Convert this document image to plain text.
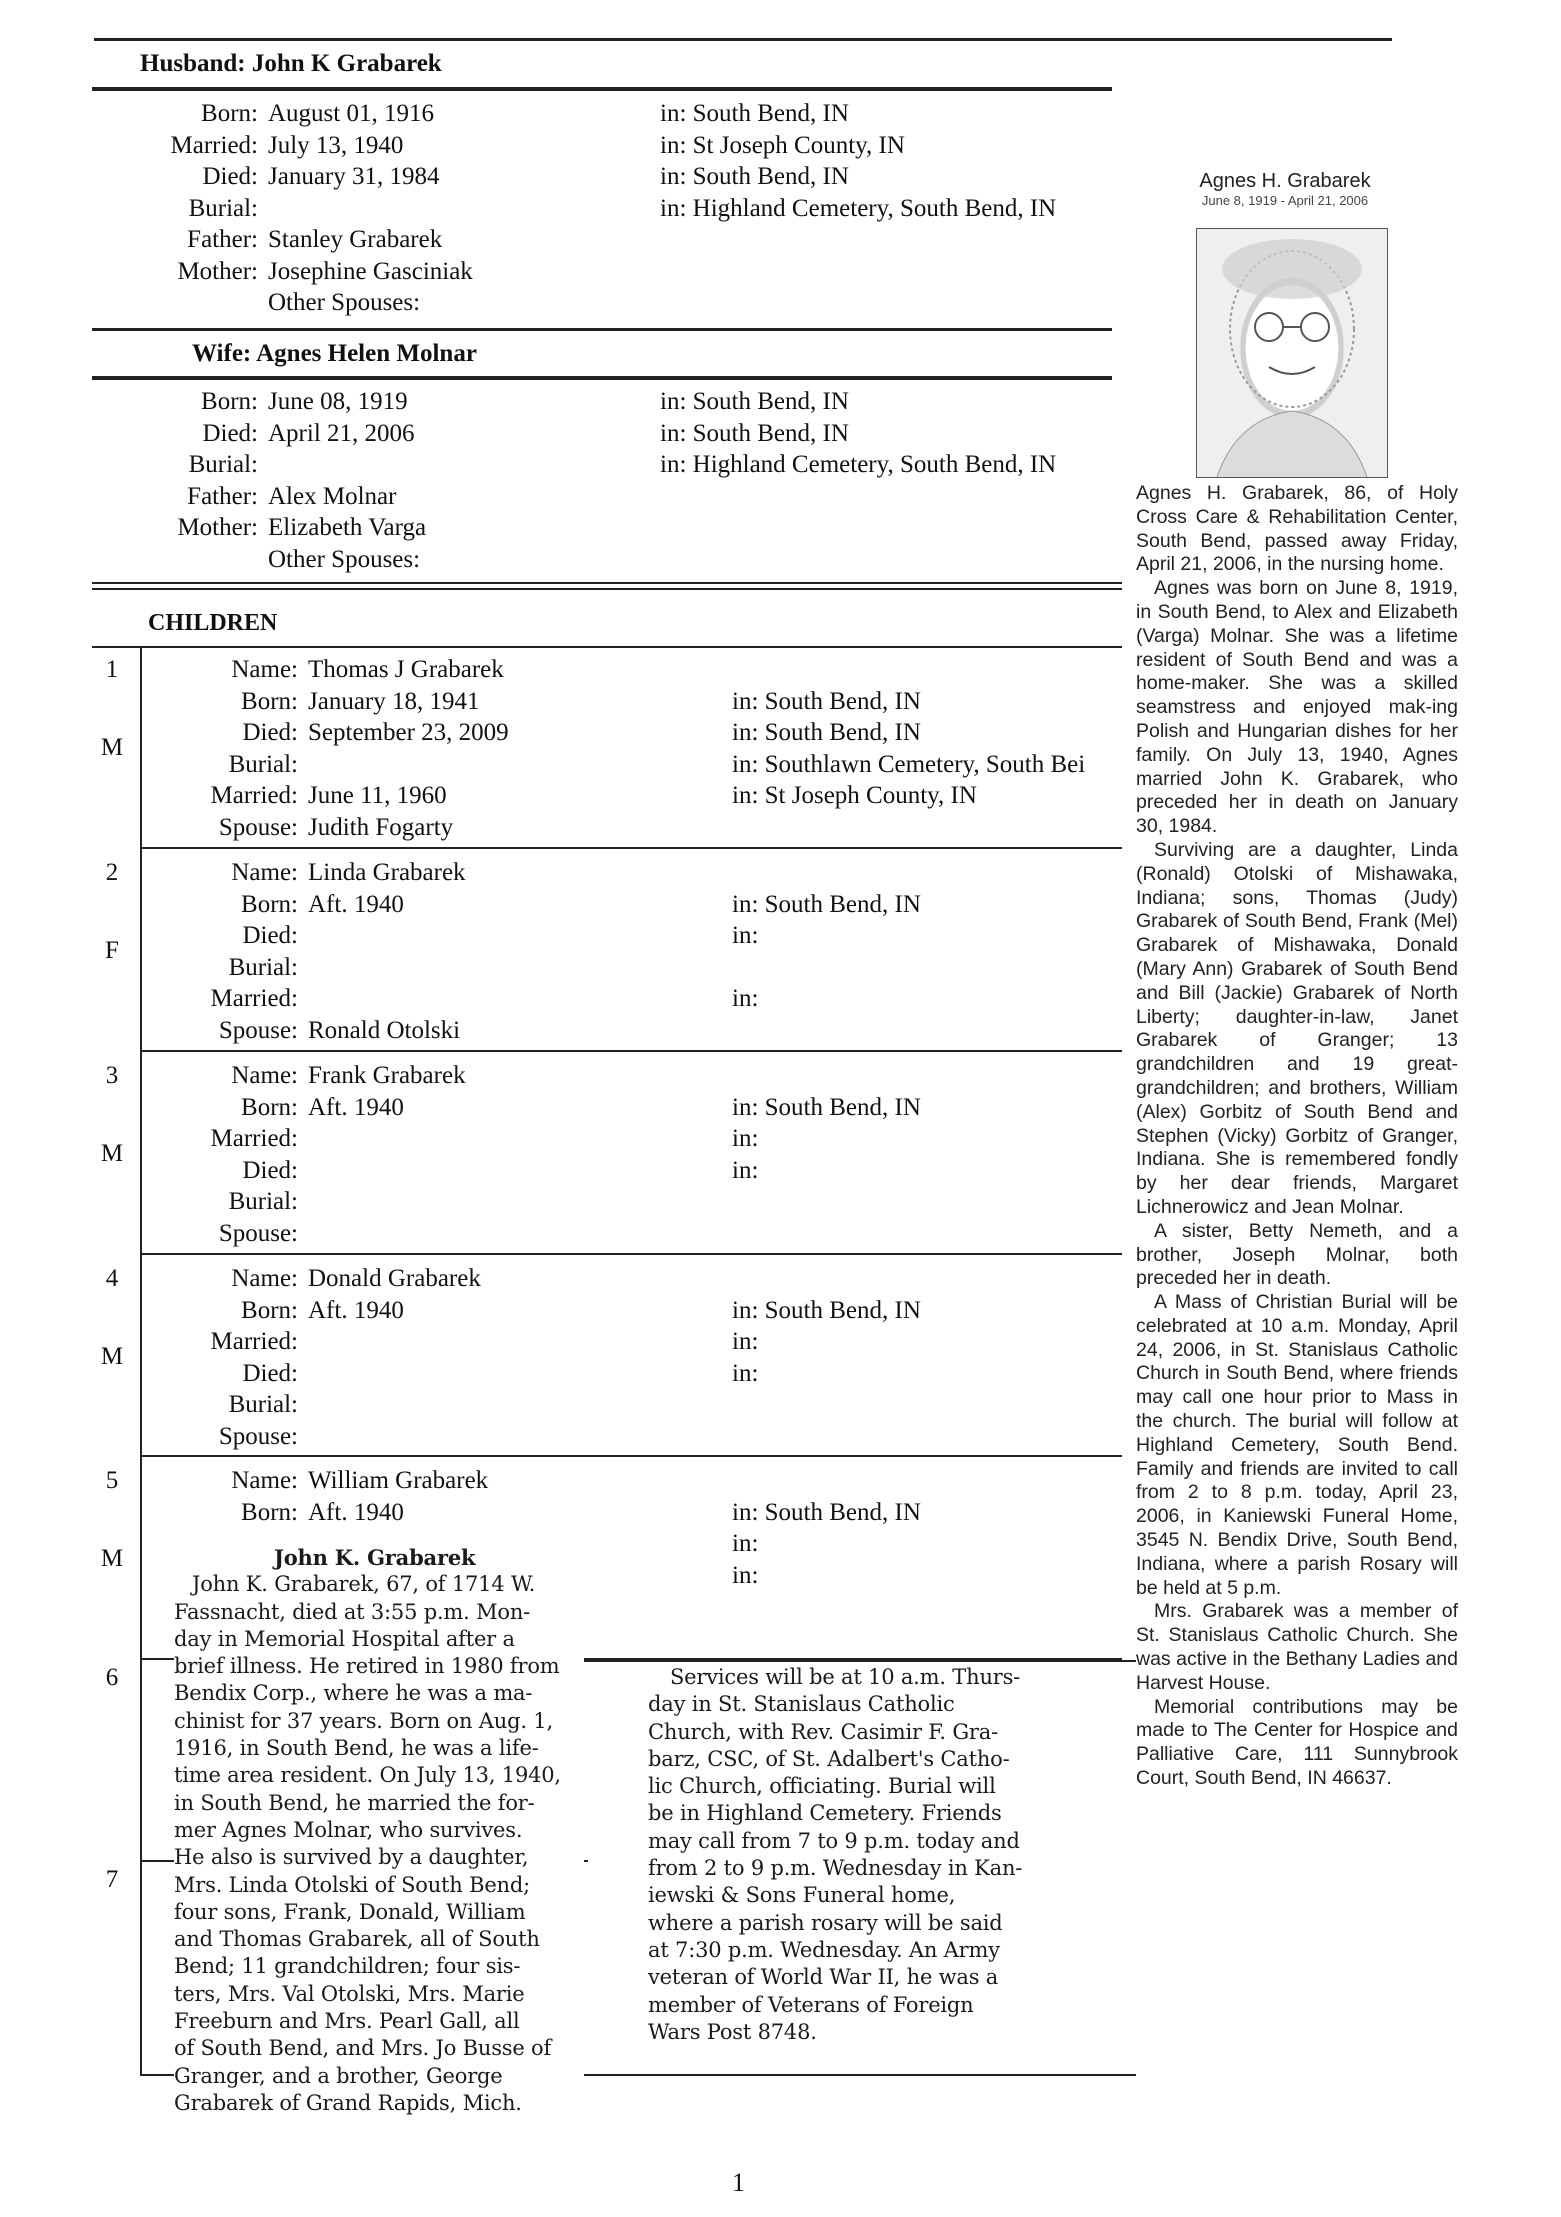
Husband: John K Grabarek
Born: August 01, 1916	in: South Bend, IN
Married: July 13, 1940	in: St Joseph County, IN
Died: January 31, 1984	in: South Bend, IN
Burial:	in: Highland Cemetery, South Bend, IN
Father: Stanley Grabarek
Mother: Josephine Gasciniak
Other Spouses:
Wife: Agnes Helen Molnar
Born: June 08, 1919	in: South Bend, IN
Died: April 21, 2006	in: South Bend, IN
Burial:	in: Highland Cemetery, South Bend, IN
Father: Alex Molnar
Mother: Elizabeth Varga
Other Spouses:
CHILDREN
1
M
Name: Thomas J Grabarek
Born: January 18, 1941	in: South Bend, IN
Died: September 23, 2009	in: South Bend, IN
Burial:	in: Southlawn Cemetery, South Bei
Married: June 11, 1960	in: St Joseph County, IN
Spouse: Judith Fogarty
2
F
Name: Linda Grabarek
Born: Aft. 1940	in: South Bend, IN
Died:	in:
Burial:
Married:	in:
Spouse: Ronald Otolski
3
M
Name: Frank Grabarek
Born: Aft. 1940	in: South Bend, IN
Married:	in:
Died:	in:
Burial:
Spouse:
4
M
Name: Donald Grabarek
Born: Aft. 1940	in: South Bend, IN
Married:	in:
Died:	in:
Burial:
Spouse:
5
M
Name: William Grabarek
Born: Aft. 1940	in: South Bend, IN
in:
in:
6
7
Agnes H. Grabarek
June 8, 1919 - April 21, 2006

Agnes H. Grabarek, 86, of Holy Cross Care & Rehabilitation Center, South Bend, passed away Friday, April 21, 2006, in the nursing home.

Agnes was born on June 8, 1919, in South Bend, to Alex and Elizabeth (Varga) Molnar. She was a lifetime resident of South Bend and was a home-maker. She was a skilled seamstress and enjoyed mak-ing Polish and Hungarian dishes for her family. On July 13, 1940, Agnes married John K. Grabarek, who preceded her in death on January 30, 1984.

Surviving are a daughter, Linda (Ronald) Otolski of Mishawaka, Indiana; sons, Thomas (Judy) Grabarek of South Bend, Frank (Mel) Grabarek of Mishawaka, Donald (Mary Ann) Grabarek of South Bend and Bill (Jackie) Grabarek of North Liberty; daughter-in-law, Janet Grabarek of Granger; 13 grandchildren and 19 great-grandchildren; and brothers, William (Alex) Gorbitz of South Bend and Stephen (Vicky) Gorbitz of Granger, Indiana. She is remembered fondly by her dear friends, Margaret Lichnerowicz and Jean Molnar.

A sister, Betty Nemeth, and a brother, Joseph Molnar, both preceded her in death.

A Mass of Christian Burial will be celebrated at 10 a.m. Monday, April 24, 2006, in St. Stanislaus Catholic Church in South Bend, where friends may call one hour prior to Mass in the church. The burial will follow at Highland Cemetery, South Bend. Family and friends are invited to call from 2 to 8 p.m. today, April 23, 2006, in Kaniewski Funeral Home, 3545 N. Bendix Drive, South Bend, Indiana, where a parish Rosary will be held at 5 p.m.

Mrs. Grabarek was a member of St. Stanislaus Catholic Church. She was active in the Bethany Ladies and Harvest House.

Memorial contributions may be made to The Center for Hospice and Palliative Care, 111 Sunnybrook Court, South Bend, IN 46637.

John K. Grabarek

John K. Grabarek, 67, of 1714 W.

Fassnacht, died at 3:55 p.m. Mon-

day in Memorial Hospital after a

brief illness. He retired in 1980 from

Bendix Corp., where he was a ma-

chinist for 37 years. Born on Aug. 1,

1916, in South Bend, he was a life-

time area resident. On July 13, 1940,

in South Bend, he married the for-

mer Agnes Molnar, who survives.

He also is survived by a daughter,

Mrs. Linda Otolski of South Bend;

four sons, Frank, Donald, William

and Thomas Grabarek, all of South

Bend; 11 grandchildren; four sis-

ters, Mrs. Val Otolski, Mrs. Marie

Freeburn and Mrs. Pearl Gall, all

of South Bend, and Mrs. Jo Busse of

Granger, and a brother, George

Grabarek of Grand Rapids, Mich.

Services will be at 10 a.m. Thurs-

day in St. Stanislaus Catholic

Church, with Rev. Casimir F. Gra-

barz, CSC, of St. Adalbert's Catho-

lic Church, officiating. Burial will

be in Highland Cemetery. Friends

may call from 7 to 9 p.m. today and

from 2 to 9 p.m. Wednesday in Kan-

iewski & Sons Funeral home,

where a parish rosary will be said

at 7:30 p.m. Wednesday. An Army

veteran of World War II, he was a

member of Veterans of Foreign

Wars Post 8748.

1
